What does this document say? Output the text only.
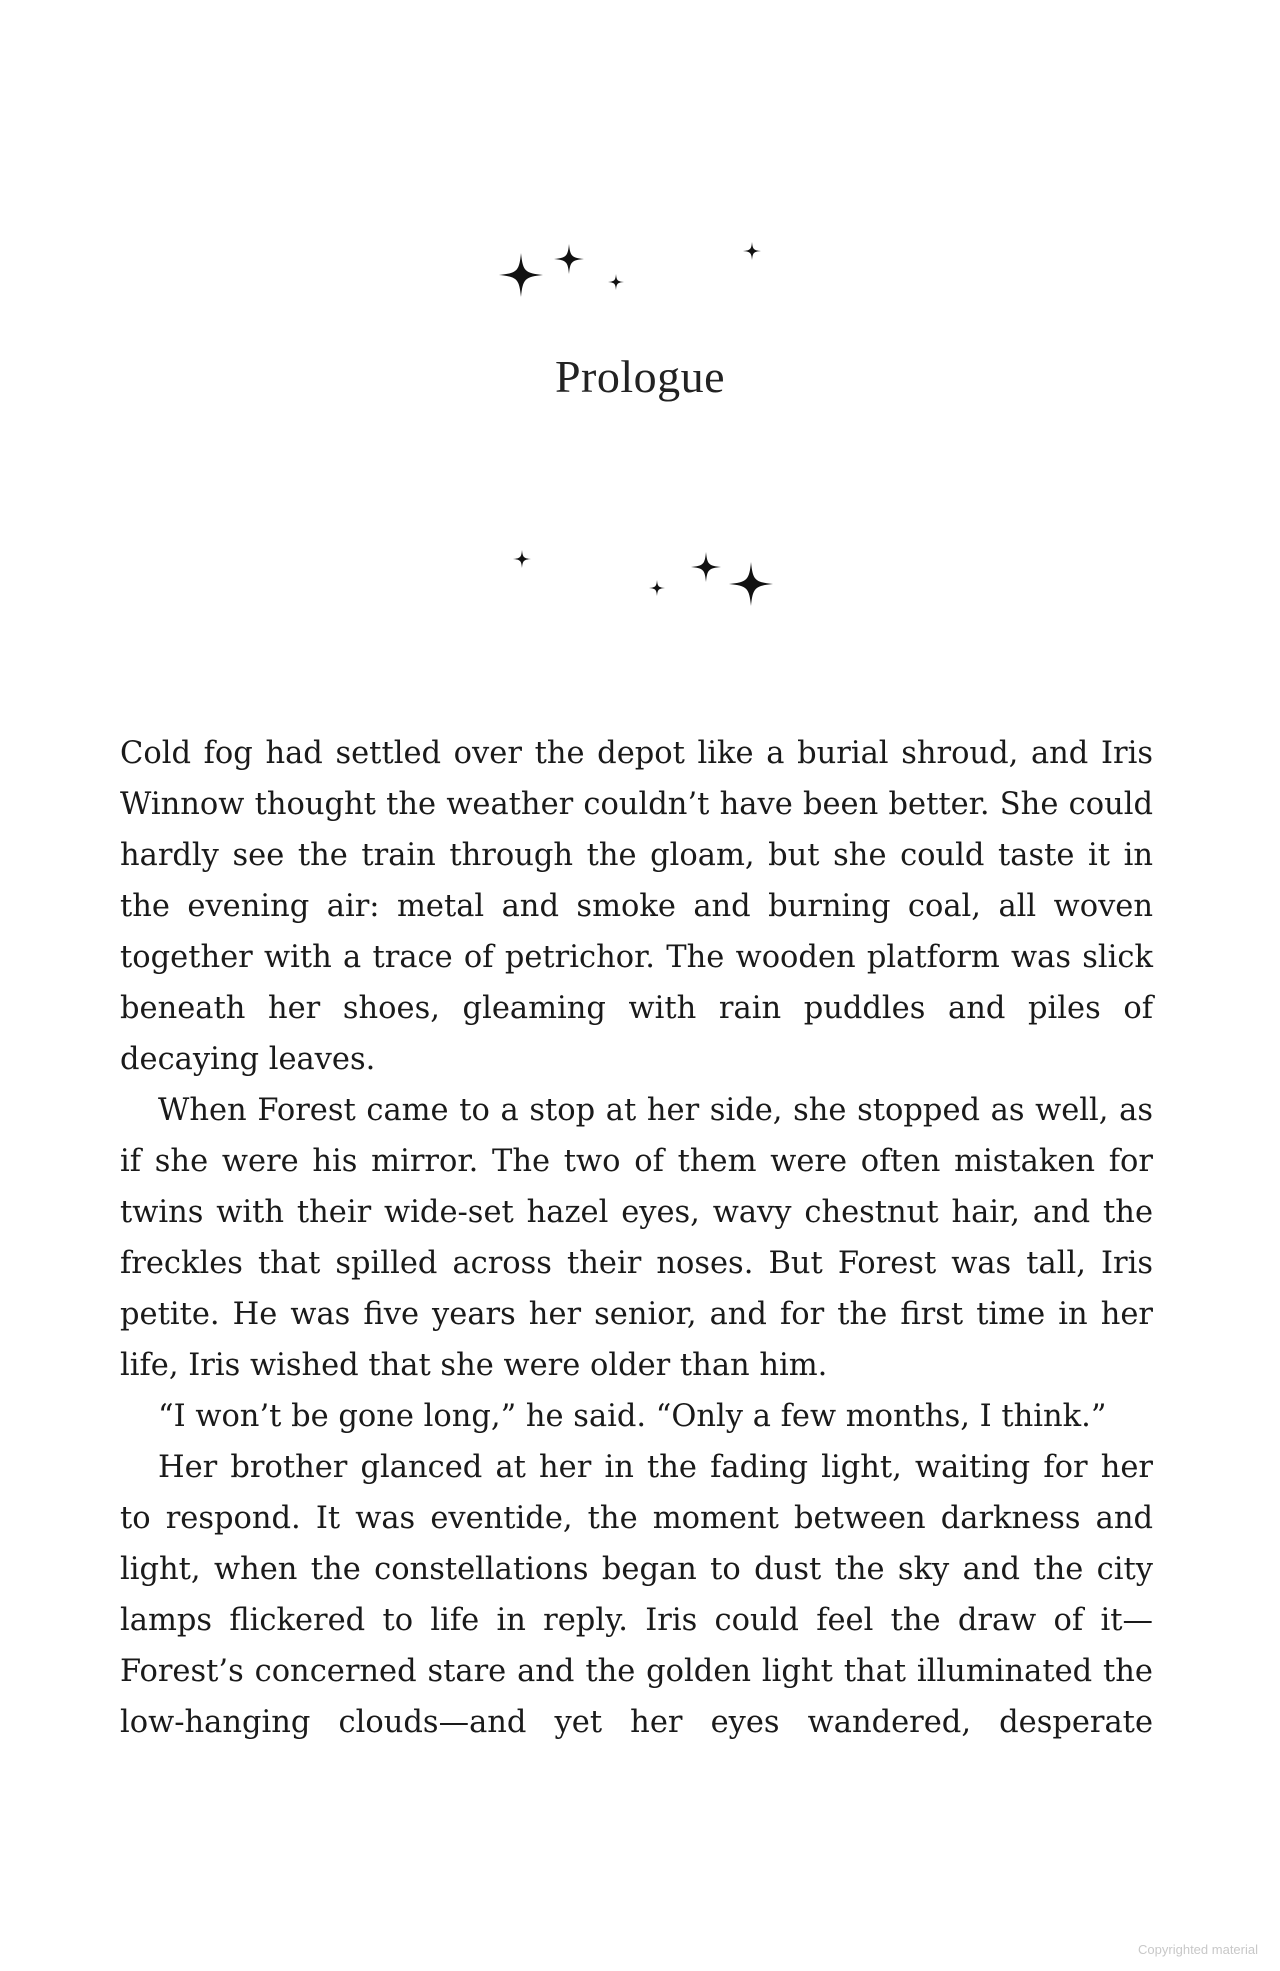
Prologue

Cold fog had settled over the depot like a burial shroud, and Iris Winnow thought the weather couldn’t have been better. She could hardly see the train through the gloam, but she could taste it in the evening air: metal and smoke and burning coal, all woven together with a trace of petrichor. The wooden platform was slick beneath her shoes, gleaming with rain puddles and piles of decaying leaves.

When Forest came to a stop at her side, she stopped as well, as if she were his mirror. The two of them were often mistaken for twins with their wide-set hazel eyes, wavy chestnut hair, and the freckles that spilled across their noses. But Forest was tall, Iris petite. He was five years her senior, and for the first time in her life, Iris wished that she were older than him.

“I won’t be gone long,” he said. “Only a few months, I think.”

Her brother glanced at her in the fading light, waiting for her to respond. It was eventide, the moment between darkness and light, when the constellations began to dust the sky and the city lamps flickered to life in reply. Iris could feel the draw of it—Forest’s concerned stare and the golden light that illuminated the low-hanging clouds—and yet her eyes wandered, desperate

Copyrighted material
